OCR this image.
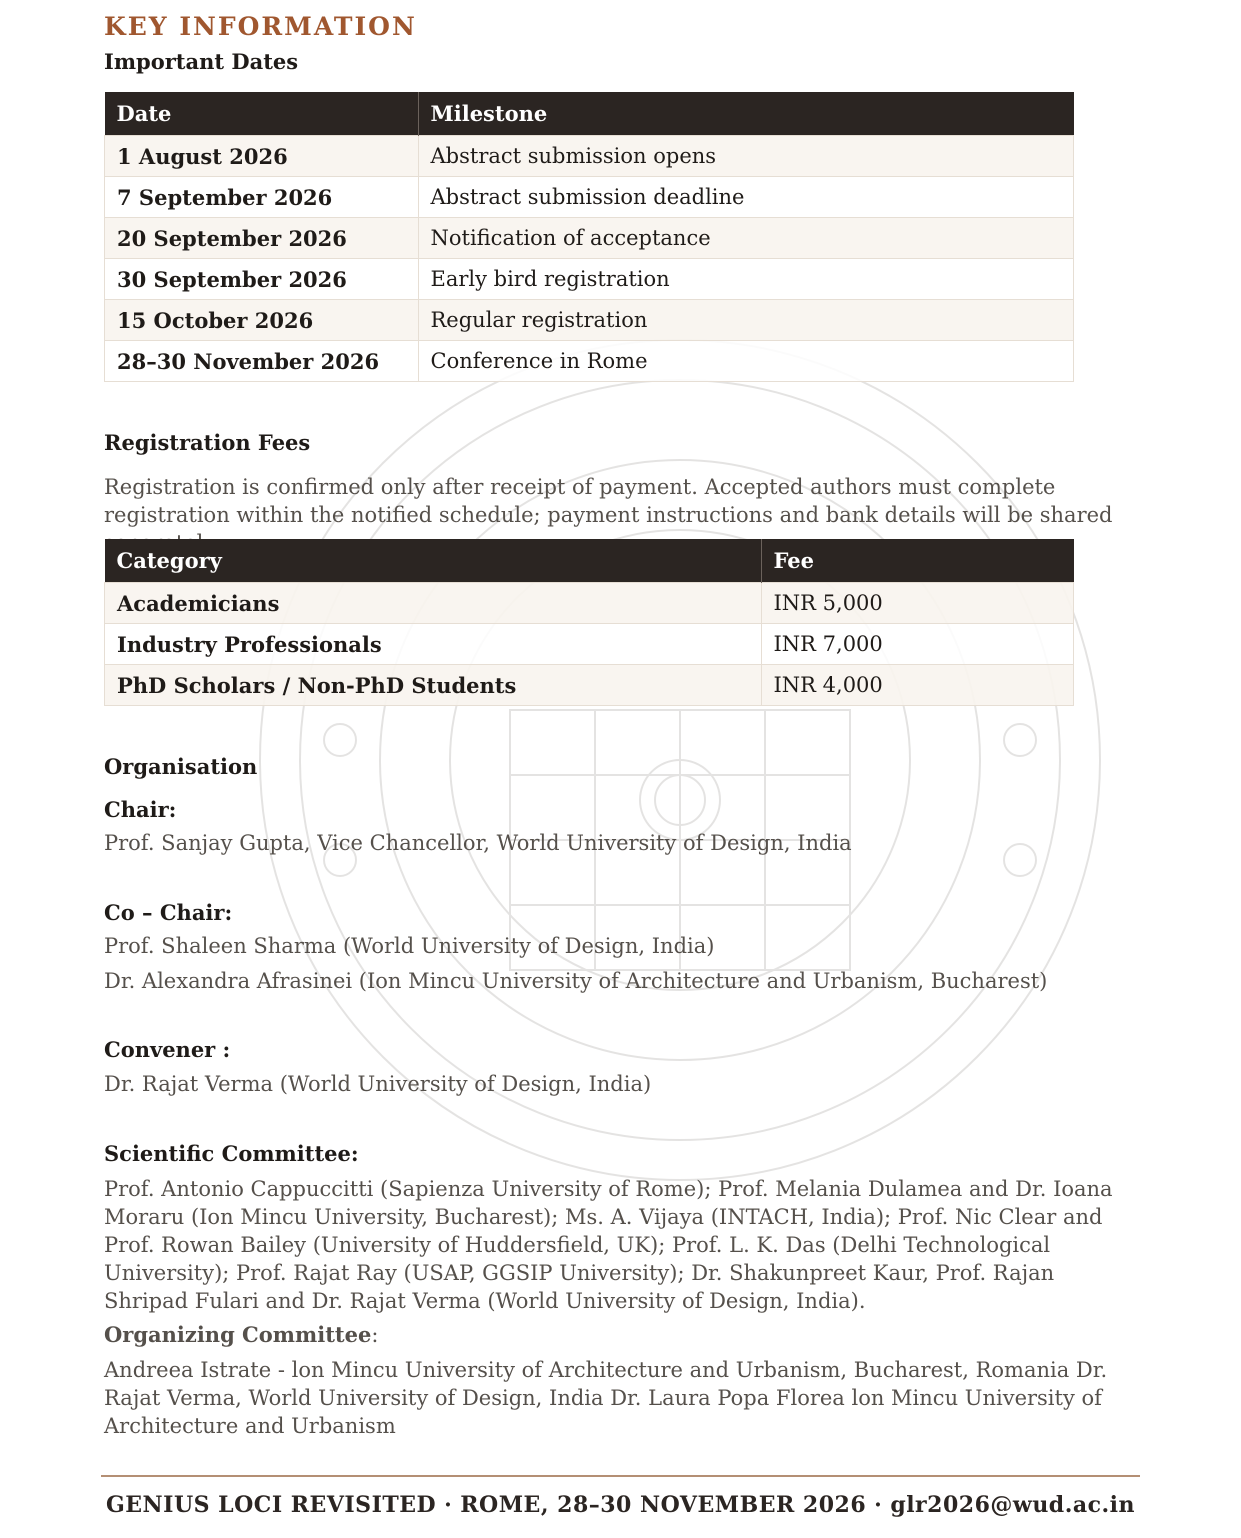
KEY INFORMATION
Important Dates
Date	Milestone
1 August 2026	Abstract submission opens
7 September 2026	Abstract submission deadline
20 September 2026	Notification of acceptance
30 September 2026	Early bird registration
15 October 2026	Regular registration
28–30 November 2026	Conference in Rome
Registration Fees

Registration is confirmed only after receipt of payment. Accepted authors must complete registration within the notified schedule; payment instructions and bank details will be shared

Category	Fee
Academicians	INR 5,000
Industry Professionals	INR 7,000
PhD Scholars / Non-PhD Students	INR 4,000
Organisation

Chair:

Prof. Sanjay Gupta, Vice Chancellor, World University of Design, India

Co – Chair:

Prof. Shaleen Sharma (World University of Design, India)

Dr. Alexandra Afrasinei (Ion Mincu University of Architecture and Urbanism, Bucharest)

Convener :

Dr. Rajat Verma (World University of Design, India)

Scientific Committee:

Prof. Antonio Cappuccitti (Sapienza University of Rome); Prof. Melania Dulamea and Dr. Ioana Moraru (Ion Mincu University, Bucharest); Ms. A. Vijaya (INTACH, India); Prof. Nic Clear and Prof. Rowan Bailey (University of Huddersfield, UK); Prof. L. K. Das (Delhi Technological University); Prof. Rajat Ray (USAP, GGSIP University); Dr. Shakunpreet Kaur, Prof. Rajan Shripad Fulari and Dr. Rajat Verma (World University of Design, India).

Organizing Committee:

Andreea Istrate - lon Mincu University of Architecture and Urbanism, Bucharest, Romania Dr. Rajat Verma, World University of Design, India Dr. Laura Popa Florea lon Mincu University of Architecture and Urbanism

GENIUS LOCI REVISITED · ROME, 28–30 NOVEMBER 2026 · glr2026@wud.ac.in
